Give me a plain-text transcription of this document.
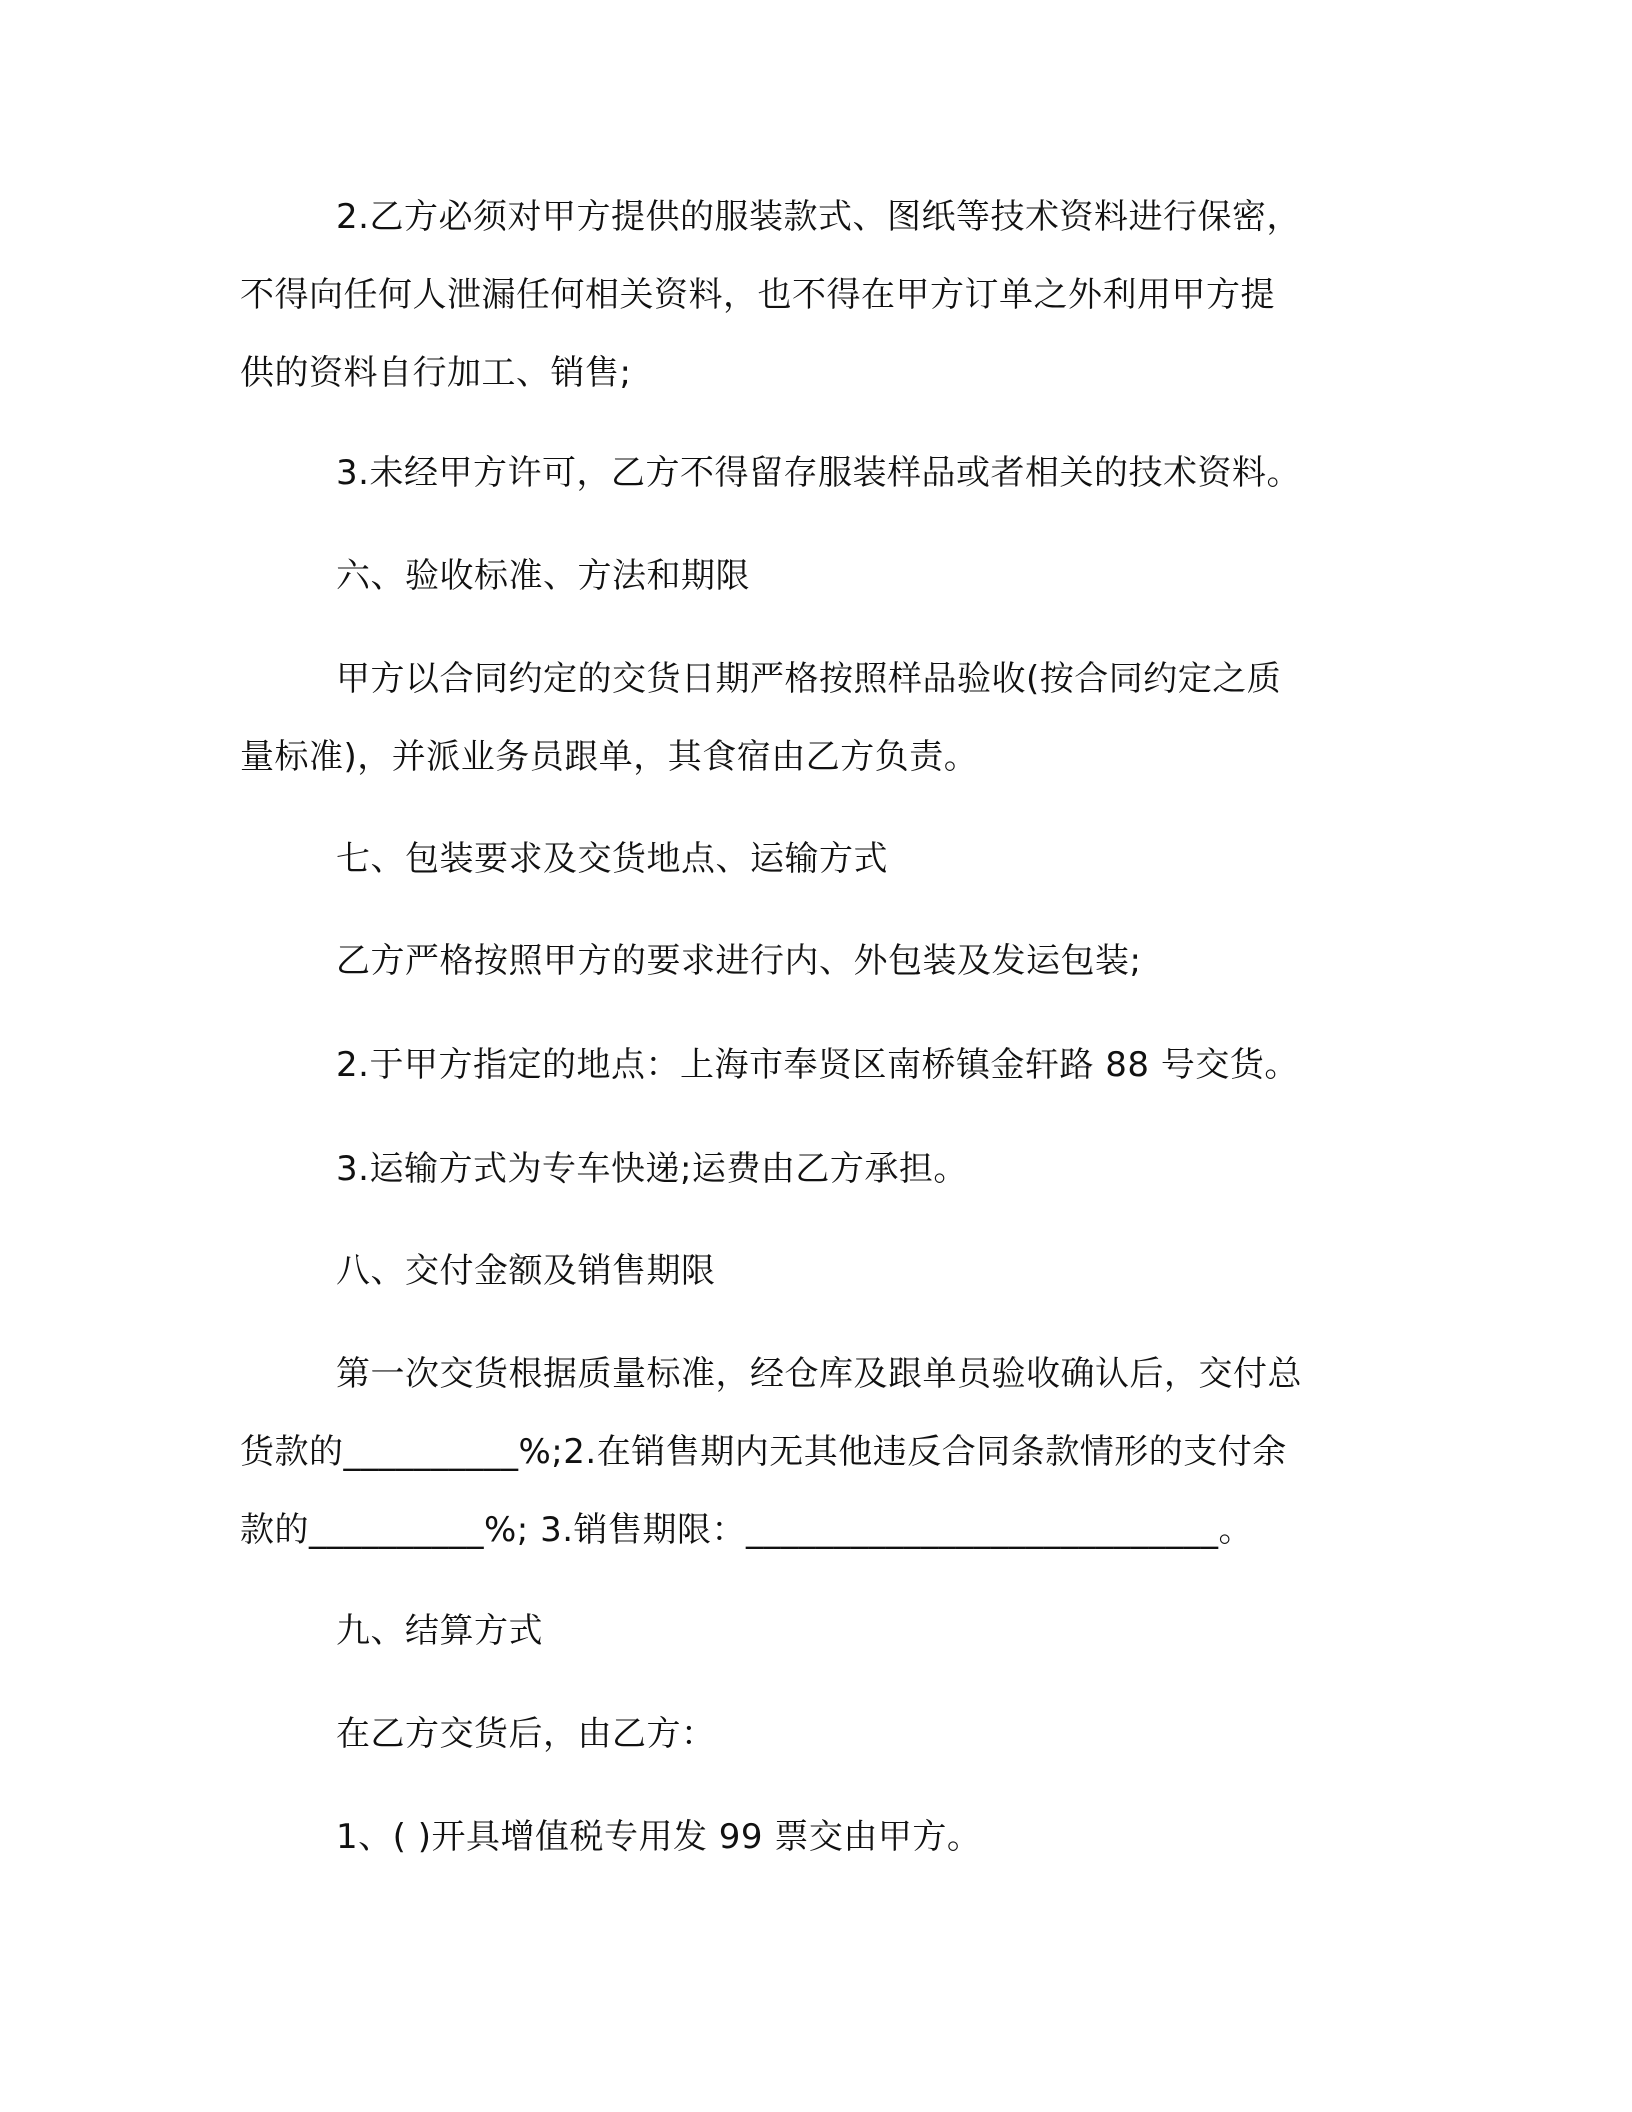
2.乙方必须对甲方提供的服装款式、图纸等技术资料进行保密，
不得向任何人泄漏任何相关资料，也不得在甲方订单之外利用甲方提
供的资料自行加工、销售;
3.未经甲方许可，乙方不得留存服装样品或者相关的技术资料。
六、验收标准、方法和期限
甲方以合同约定的交货日期严格按照样品验收(按合同约定之质
量标准)，并派业务员跟单，其食宿由乙方负责。
七、包装要求及交货地点、运输方式
乙方严格按照甲方的要求进行内、外包装及发运包装;
2.于甲方指定的地点：上海市奉贤区南桥镇金轩路 88 号交货。
3.运输方式为专车快递;运费由乙方承担。
八、交付金额及销售期限
第一次交货根据质量标准，经仓库及跟单员验收确认后，交付总
货款的__________%;2.在销售期内无其他违反合同条款情形的支付余
款的__________%; 3.销售期限：___________________________。
九、结算方式
在乙方交货后，由乙方：
1、( )开具增值税专用发 99 票交由甲方。
